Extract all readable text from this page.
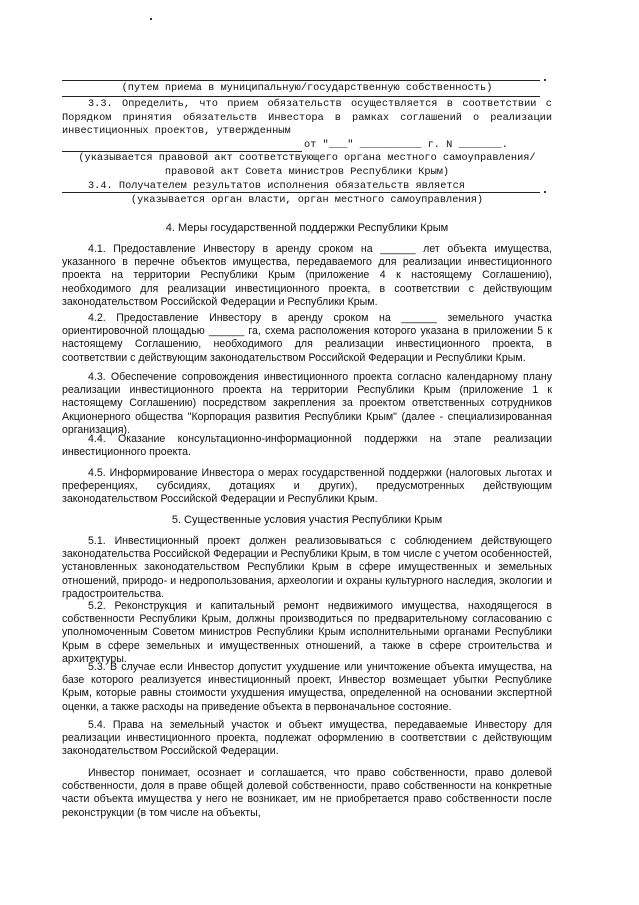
(путем приема в муниципальную/государственную собственность)
3.3. Определить, что прием обязательств осуществляется в соответствии с Порядком принятия обязательств Инвестора в рамках соглашений о реализации инвестиционных проектов, утвержденным
от "___" __________ г. N _______.
(указывается правовой акт соответствующего органа местного самоуправления/правовой акт Совета министров Республики Крым)
3.4. Получателем результатов исполнения обязательств является
(указывается орган власти, орган местного самоуправления)
4. Меры государственной поддержки Республики Крым
4.1. Предоставление Инвестору в аренду сроком на ______ лет объекта имущества, указанного в перечне объектов имущества, передаваемого для реализации инвестиционного проекта на территории Республики Крым (приложение 4 к настоящему Соглашению), необходимого для реализации инвестиционного проекта, в соответствии с действующим законодательством Российской Федерации и Республики Крым.
4.2. Предоставление Инвестору в аренду сроком на ______ земельного участка ориентировочной площадью ______ га, схема расположения которого указана в приложении 5 к настоящему Соглашению, необходимого для реализации инвестиционного проекта, в соответствии с действующим законодательством Российской Федерации и Республики Крым.
4.3. Обеспечение сопровождения инвестиционного проекта согласно календарному плану реализации инвестиционного проекта на территории Республики Крым (приложение 1 к настоящему Соглашению) посредством закрепления за проектом ответственных сотрудников Акционерного общества "Корпорация развития Республики Крым" (далее - специализированная организация).
4.4. Оказание консультационно-информационной поддержки на этапе реализации инвестиционного проекта.
4.5. Информирование Инвестора о мерах государственной поддержки (налоговых льготах и преференциях, субсидиях, дотациях и других), предусмотренных действующим законодательством Российской Федерации и Республики Крым.
5. Существенные условия участия Республики Крым
5.1. Инвестиционный проект должен реализовываться с соблюдением действующего законодательства Российской Федерации и Республики Крым, в том числе с учетом особенностей, установленных законодательством Республики Крым в сфере имущественных и земельных отношений, природо- и недропользования, археологии и охраны культурного наследия, экологии и градостроительства.
5.2. Реконструкция и капитальный ремонт недвижимого имущества, находящегося в собственности Республики Крым, должны производиться по предварительному согласованию с уполномоченным Советом министров Республики Крым исполнительными органами Республики Крым в сфере земельных и имущественных отношений, а также в сфере строительства и архитектуры.
5.3. В случае если Инвестор допустит ухудшение или уничтожение объекта имущества, на базе которого реализуется инвестиционный проект, Инвестор возмещает убытки Республике Крым, которые равны стоимости ухудшения имущества, определенной на основании экспертной оценки, а также расходы на приведение объекта в первоначальное состояние.
5.4. Права на земельный участок и объект имущества, передаваемые Инвестору для реализации инвестиционного проекта, подлежат оформлению в соответствии с действующим законодательством Российской Федерации.
Инвестор понимает, осознает и соглашается, что право собственности, право долевой собственности, доля в праве общей долевой собственности, право собственности на конкретные части объекта имущества у него не возникает, им не приобретается право собственности после реконструкции (в том числе на объекты,
